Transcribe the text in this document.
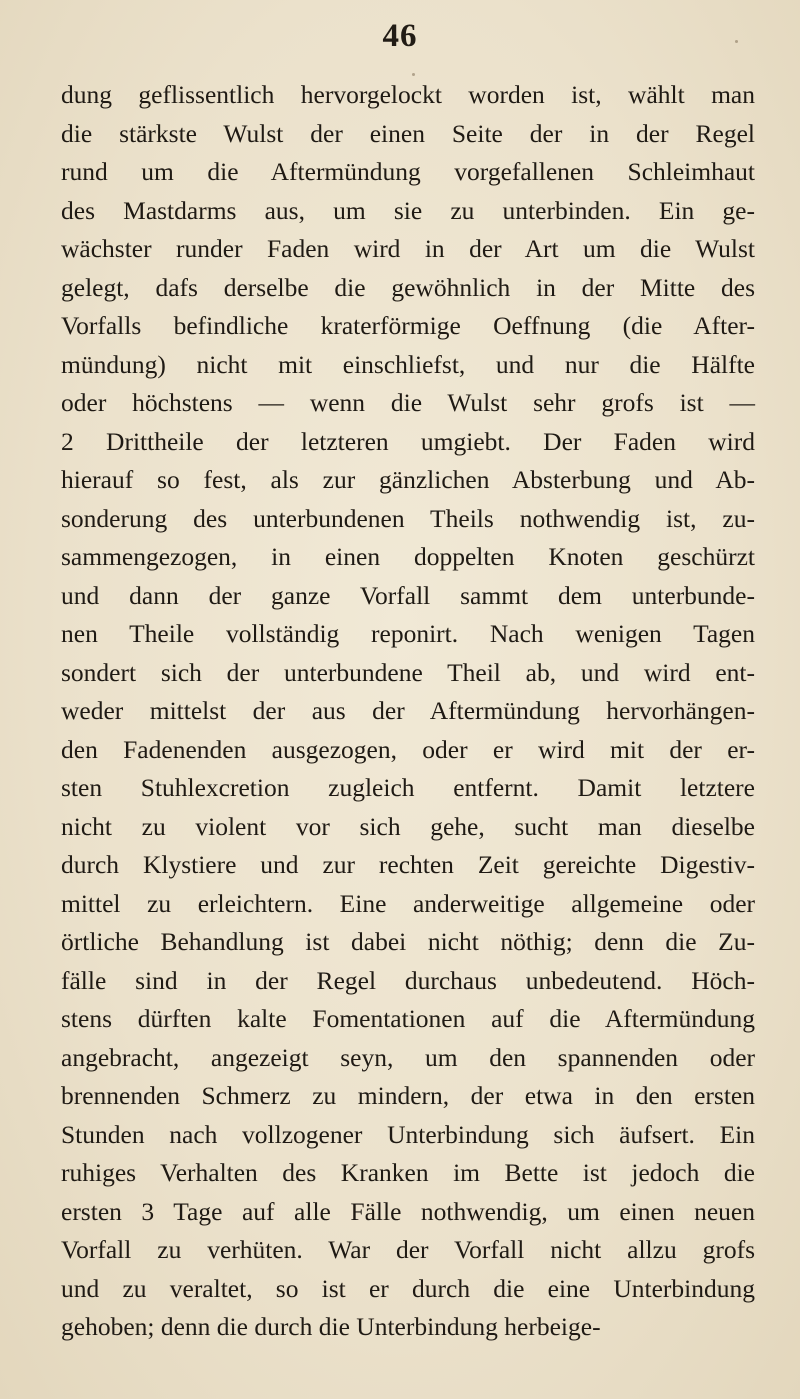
46
dung geflissentlich hervorgelockt worden ist, wählt man
die stärkste Wulst der einen Seite der in der Regel
rund um die Aftermündung vorgefallenen Schleimhaut
des Mastdarms aus, um sie zu unterbinden. Ein ge-
wächster runder Faden wird in der Art um die Wulst
gelegt, dafs derselbe die gewöhnlich in der Mitte des
Vorfalls befindliche kraterförmige Oeffnung (die After-
mündung) nicht mit einschliefst, und nur die Hälfte
oder höchstens — wenn die Wulst sehr grofs ist —
2 Drittheile der letzteren umgiebt. Der Faden wird
hierauf so fest, als zur gänzlichen Absterbung und Ab-
sonderung des unterbundenen Theils nothwendig ist, zu-
sammengezogen, in einen doppelten Knoten geschürzt
und dann der ganze Vorfall sammt dem unterbunde-
nen Theile vollständig reponirt. Nach wenigen Tagen
sondert sich der unterbundene Theil ab, und wird ent-
weder mittelst der aus der Aftermündung hervorhängen-
den Fadenenden ausgezogen, oder er wird mit der er-
sten Stuhlexcretion zugleich entfernt. Damit letztere
nicht zu violent vor sich gehe, sucht man dieselbe
durch Klystiere und zur rechten Zeit gereichte Digestiv-
mittel zu erleichtern. Eine anderweitige allgemeine oder
örtliche Behandlung ist dabei nicht nöthig; denn die Zu-
fälle sind in der Regel durchaus unbedeutend. Höch-
stens dürften kalte Fomentationen auf die Aftermündung
angebracht, angezeigt seyn, um den spannenden oder
brennenden Schmerz zu mindern, der etwa in den ersten
Stunden nach vollzogener Unterbindung sich äufsert. Ein
ruhiges Verhalten des Kranken im Bette ist jedoch die
ersten 3 Tage auf alle Fälle nothwendig, um einen neuen
Vorfall zu verhüten. War der Vorfall nicht allzu grofs
und zu veraltet, so ist er durch die eine Unterbindung
gehoben; denn die durch die Unterbindung herbeige-
